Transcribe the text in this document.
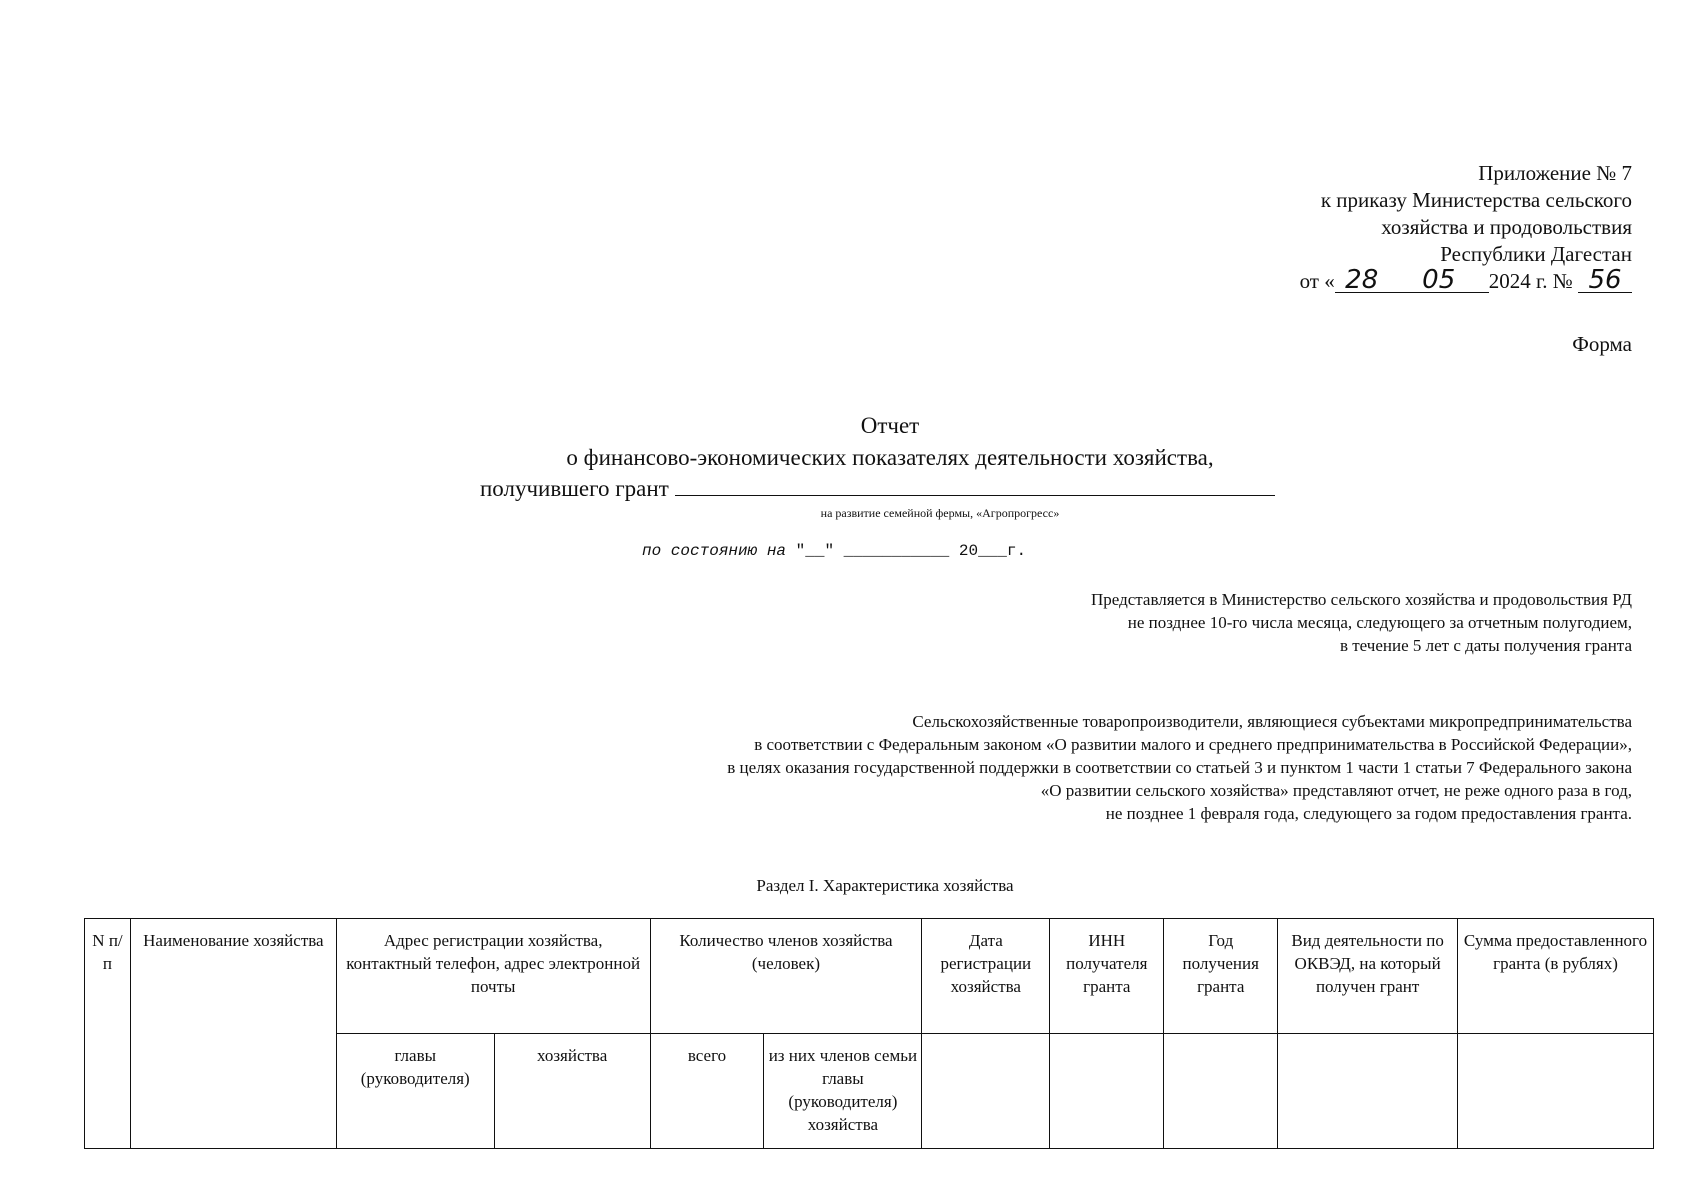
Приложение № 7
к приказу Министерства сельского
хозяйства и продовольствия
Республики Дагестан
от « 28 05 2024 г. № 56
Форма
Отчет
о финансово-экономических показателях деятельности хозяйства,
получившего грант
на развитие семейной фермы, «Агропрогресс»
по состоянию на "__" ___________ 20___г.
Представляется в Министерство сельского хозяйства и продовольствия РД
не позднее 10-го числа месяца, следующего за отчетным полугодием,
в течение 5 лет с даты получения гранта
Сельскохозяйственные товаропроизводители, являющиеся субъектами микропредпринимательства
в соответствии с Федеральным законом «О развитии малого и среднего предпринимательства в Российской Федерации»,
в целях оказания государственной поддержки в соответствии со статьей 3 и пунктом 1 части 1 статьи 7 Федерального закона
«О развитии сельского хозяйства» представляют отчет, не реже одного раза в год,
не позднее 1 февраля года, следующего за годом предоставления гранта.
Раздел I. Характеристика хозяйства
N п/п	Наименование хозяйства	Адрес регистрации хозяйства, контактный телефон, адрес электронной почты		Количество членов хозяйства (человек)		Дата регистрации хозяйства	ИНН получателя гранта	Год получения гранта	Вид деятельности по ОКВЭД, на который получен грант	Сумма предоставленного гранта (в рублях)
		главы (руководителя)	хозяйства	всего	из них членов семьи главы (руководителя) хозяйства					
